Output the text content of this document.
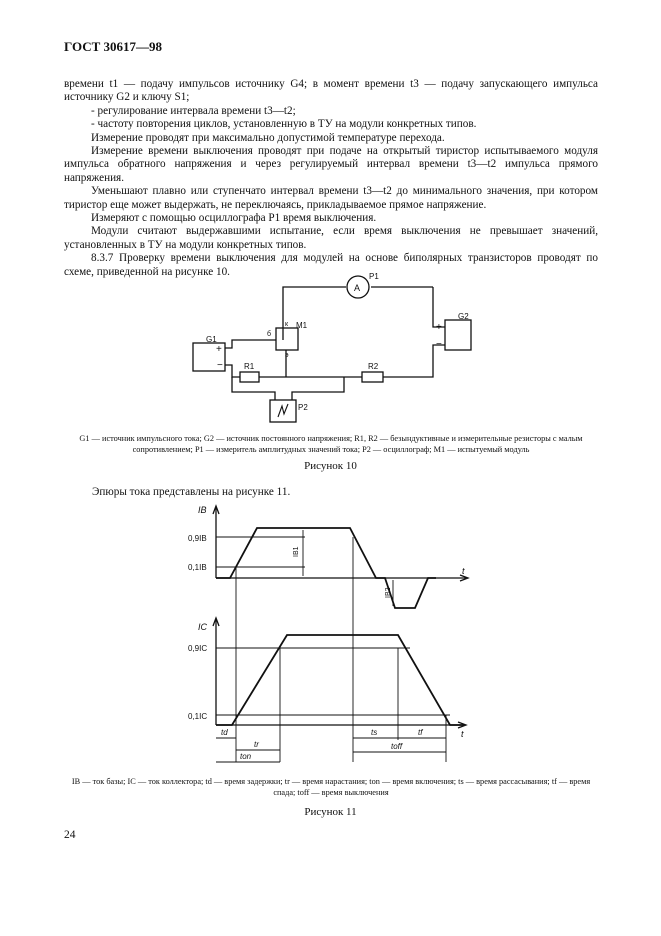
ГОСТ 30617—98

времени t1 — подачу импульсов источнику G4; в момент времени t3 — подачу запускающего импульса источнику G2 и ключу S1;

- регулирование интервала времени t3—t2;

- частоту повторения циклов, установленную в ТУ на модули конкретных типов.

Измерение проводят при максимально допустимой температуре перехода.

Измерение времени выключения проводят при подаче на открытый тиристор испытываемого модуля импульса обратного напряжения и через регулируемый интервал времени t3—t2 импульса прямого напряжения.

Уменьшают плавно или ступенчато интервал времени t3—t2 до минимального значения, при котором тиристор еще может выдержать, не переключаясь, прикладываемое прямое напряжение.

Измеряют с помощью осциллографа P1 время выключения.

Модули считают выдержавшими испытание, если время выключения не превышает значений, установленных в ТУ на модули конкретных типов.

8.3.7 Проверку времени выключения для модулей на основе биполярных транзисторов проводят по схеме, приведенной на рисунке 10.

A
P1
M1
к
б
э
G1
+
−	R1	R2
G2
+
−
P2
IB
t
0,9IB
0,1IB
IB1
IB2
IC
t
0,9IC
0,1IC
td
tr
ton
ts	tf
toff
G1 — источник импульсного тока; G2 — источник постоянного напряжения; R1, R2 — безындуктивные и измерительные резисторы с малым сопротивлением; P1 — измеритель амплитудных значений тока; P2 — осциллограф; M1 — испытуемый модуль
Рисунок 10
Эпюры тока представлены на рисунке 11.
IB — ток базы; IC — ток коллектора; td — время задержки; tr — время нарастания; ton — время включения; ts — время рассасывания; tf — время спада; toff — время выключения
Рисунок 11
24
